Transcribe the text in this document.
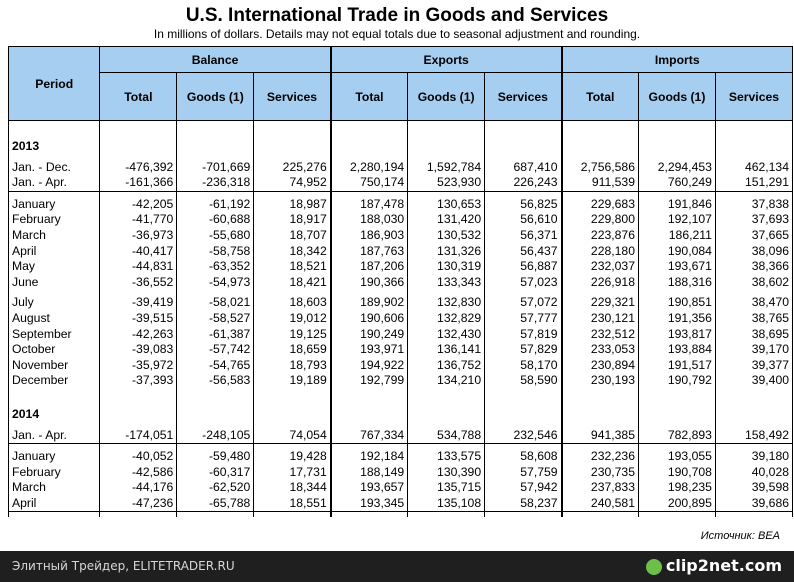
U.S. International Trade in Goods and Services
In millions of dollars. Details may not equal totals due to seasonal adjustment and rounding.
Period	Balance			Exports			Imports		
	Total	Goods (1)	Services	Total	Goods (1)	Services	Total	Goods (1)	Services

2013									

Jan. - Dec.	-476,392	-701,669	225,276	2,280,194	1,592,784	687,410	2,756,586	2,294,453	462,134
Jan. - Apr.	-161,366	-236,318	74,952	750,174	523,930	226,243	911,539	760,249	151,291

January	-42,205	-61,192	18,987	187,478	130,653	56,825	229,683	191,846	37,838
February	-41,770	-60,688	18,917	188,030	131,420	56,610	229,800	192,107	37,693
March	-36,973	-55,680	18,707	186,903	130,532	56,371	223,876	186,211	37,665
April	-40,417	-58,758	18,342	187,763	131,326	56,437	228,180	190,084	38,096
May	-44,831	-63,352	18,521	187,206	130,319	56,887	232,037	193,671	38,366
June	-36,552	-54,973	18,421	190,366	133,343	57,023	226,918	188,316	38,602

July	-39,419	-58,021	18,603	189,902	132,830	57,072	229,321	190,851	38,470
August	-39,515	-58,527	19,012	190,606	132,829	57,777	230,121	191,356	38,765
September	-42,263	-61,387	19,125	190,249	132,430	57,819	232,512	193,817	38,695
October	-39,083	-57,742	18,659	193,971	136,141	57,829	233,053	193,884	39,170
November	-35,972	-54,765	18,793	194,922	136,752	58,170	230,894	191,517	39,377
December	-37,393	-56,583	19,189	192,799	134,210	58,590	230,193	190,792	39,400

2014									

Jan. - Apr.	-174,051	-248,105	74,054	767,334	534,788	232,546	941,385	782,893	158,492

January	-40,052	-59,480	19,428	192,184	133,575	58,608	232,236	193,055	39,180
February	-42,586	-60,317	17,731	188,149	130,390	57,759	230,735	190,708	40,028
March	-44,176	-62,520	18,344	193,657	135,715	57,942	237,833	198,235	39,598
April	-47,236	-65,788	18,551	193,345	135,108	58,237	240,581	200,895	39,686

Источник: BEA
Элитный Трейдер, ELITETRADER.RU	clip2net.com
